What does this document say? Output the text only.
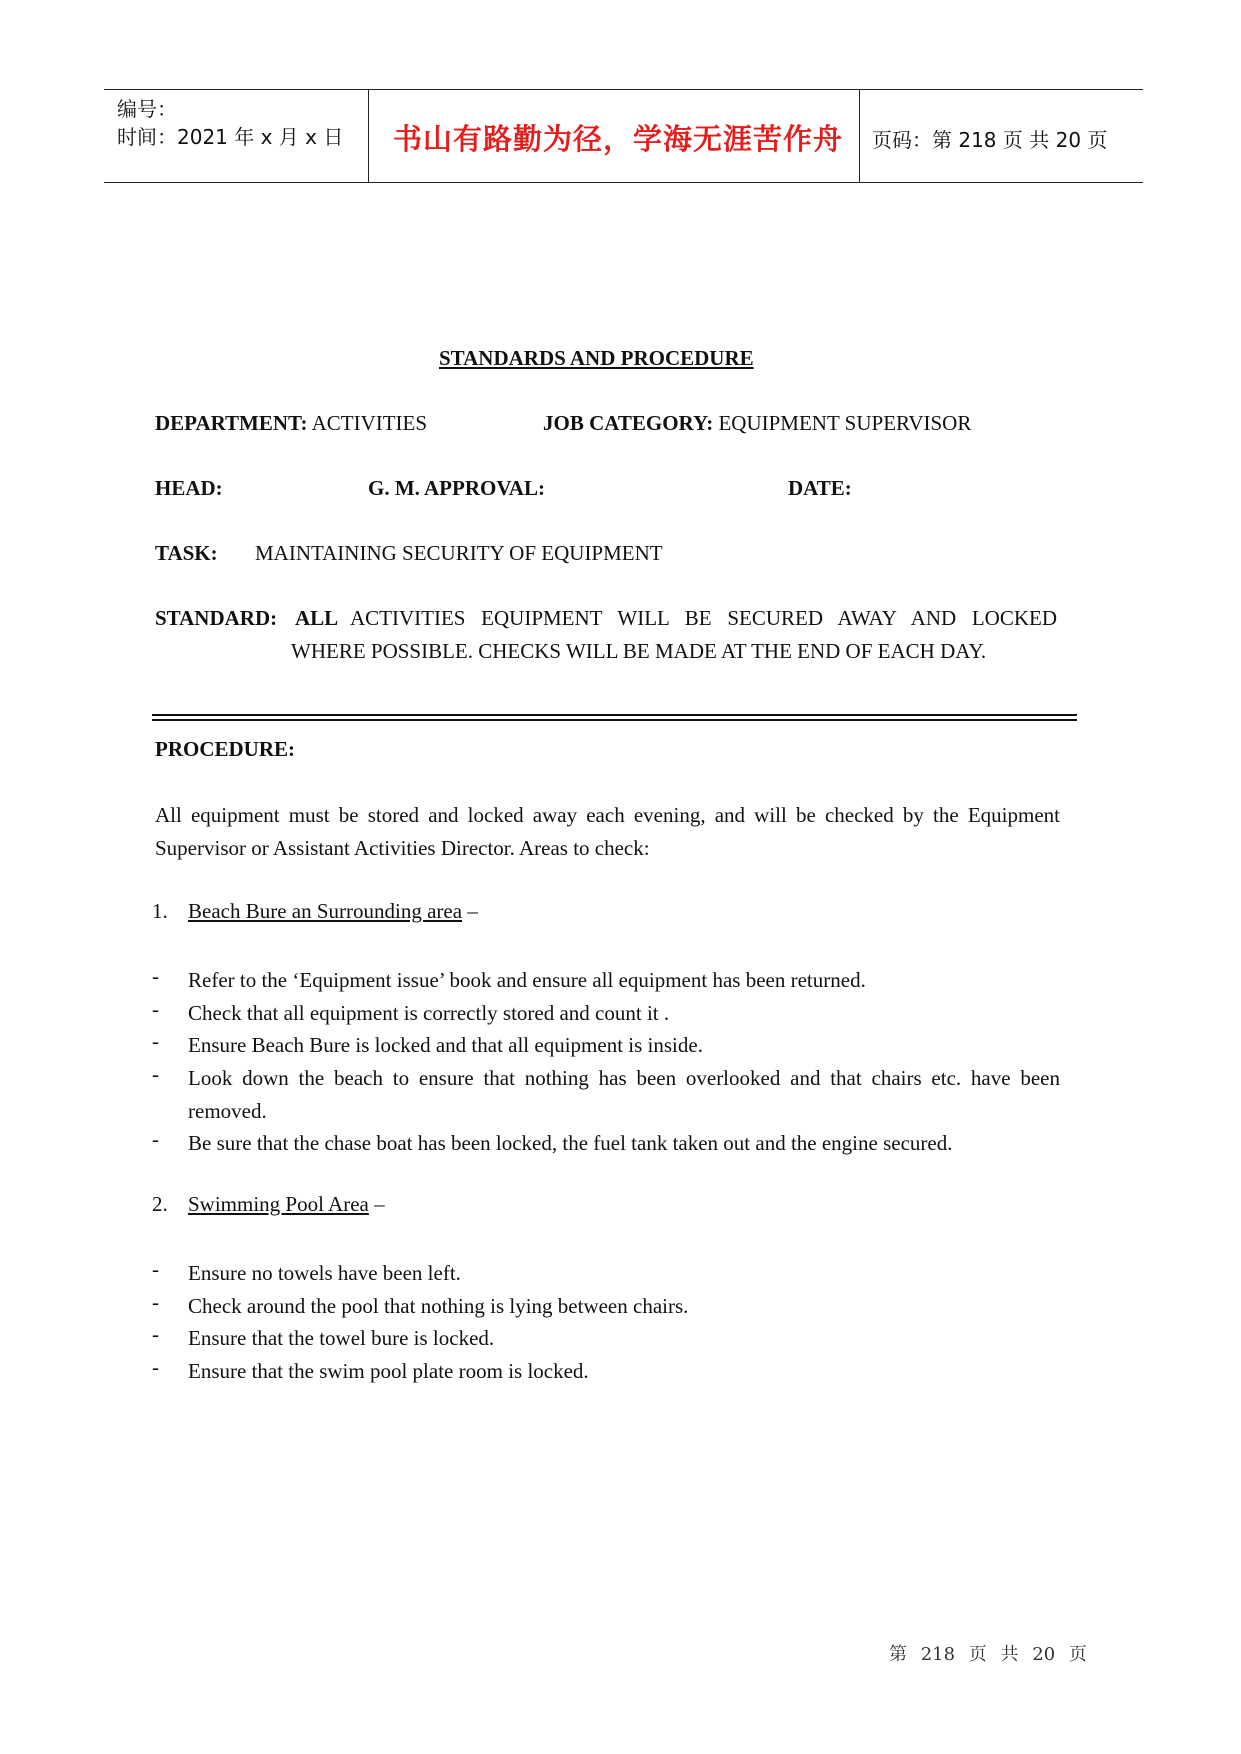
编号：
时间：2021 年 x 月 x 日 书山有路勤为径，学海无涯苦作舟 页码：第 218 页 共 20 页
STANDARDS AND PROCEDURE
DEPARTMENT: ACTIVITIES	JOB CATEGORY: EQUIPMENT SUPERVISOR
HEAD:	G. M. APPROVAL:	DATE:
TASK: MAINTAINING SECURITY OF EQUIPMENT
STANDARD: ALL ACTIVITIES EQUIPMENT WILL BE SECURED AWAY AND LOCKED
WHERE POSSIBLE. CHECKS WILL BE MADE AT THE END OF EACH DAY.
PROCEDURE:
All equipment must be stored and locked away each evening, and will be checked by the Equipment Supervisor or Assistant Activities Director. Areas to check:
1. Beach Bure an Surrounding area –
- Refer to the ‘Equipment issue’ book and ensure all equipment has been returned.
- Check that all equipment is correctly stored and count it .
- Ensure Beach Bure is locked and that all equipment is inside.
- Look down the beach to ensure that nothing has been overlooked and that chairs etc. have been removed.
- Be sure that the chase boat has been locked, the fuel tank taken out and the engine secured.
2. Swimming Pool Area –
- Ensure no towels have been left.
- Check around the pool that nothing is lying between chairs.
- Ensure that the towel bure is locked.
- Ensure that the swim pool plate room is locked.
第 218 页 共 20 页
